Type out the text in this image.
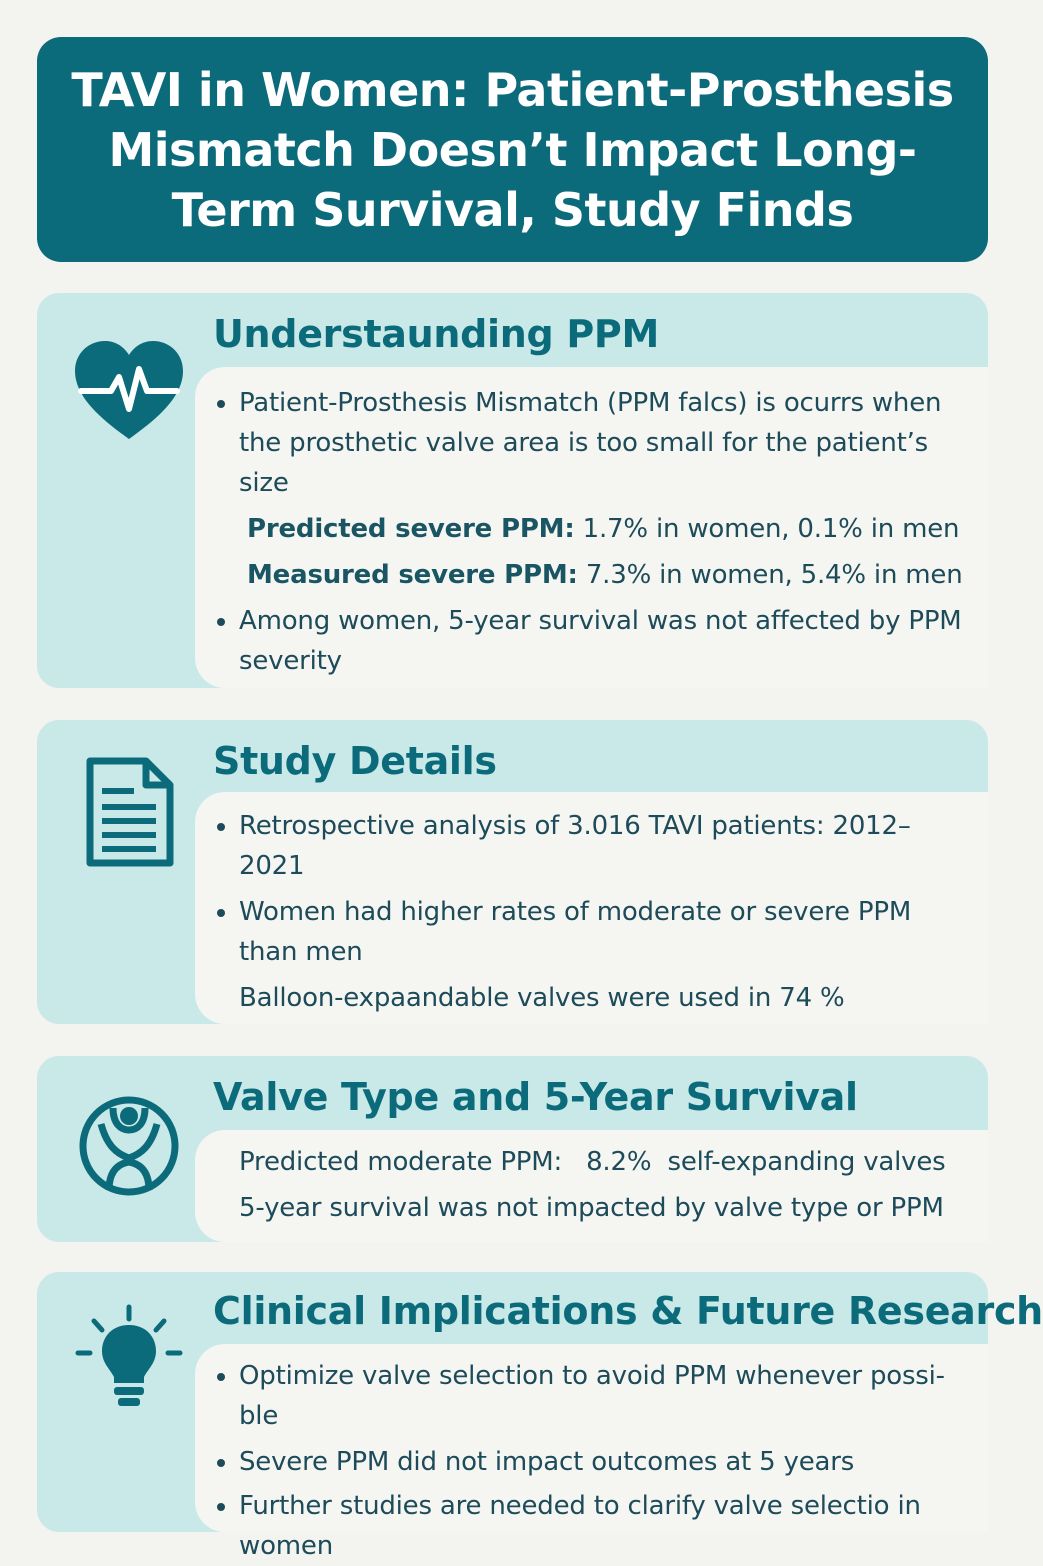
TAVI in Women: Patient-Prosthesis Mismatch Doesn’t Impact Long-Term Survival, Study Finds
Understaunding PPM

Patient-Prosthesis Mismatch (PPM falcs) is ocurrs when the prosthetic valve area is too small for the patient’s size

Predicted severe PPM: 1.7% in women, 0.1% in men

Measured severe PPM: 7.3% in women, 5.4% in men

Among women, 5-year survival was not affected by PPM severity

Study Details

Retrospective analysis of 3.016 TAVI patients: 2012–2021

Women had higher rates of moderate or severe PPM than men

Balloon-expaandable valves were used in 74 %

Valve Type and 5-Year Survival

Predicted moderate PPM: 8.2% self-expanding valves

5-year survival was not impacted by valve type or PPM

Clinical Implications & Future Research

Optimize valve selection to avoid PPM whenever possi-ble

Severe PPM did not impact outcomes at 5 years

Further studies are needed to clarify valve selectio in women
